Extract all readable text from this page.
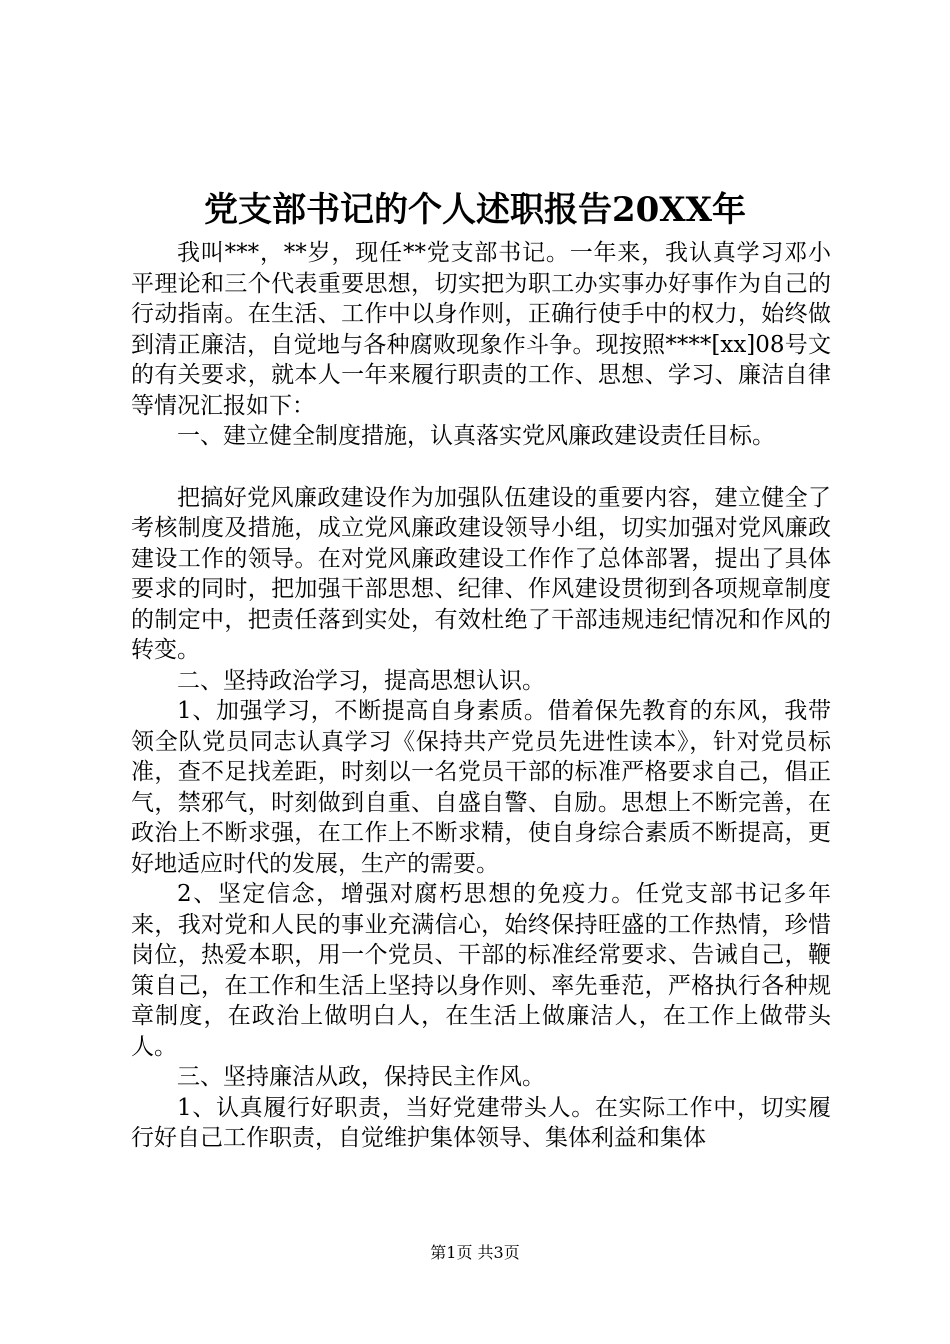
党支部书记的个人述职报告20XX年

我叫***，**岁，现任**党支部书记。一年来，我认真学习邓小平理论和三个代表重要思想，切实把为职工办实事办好事作为自己的行动指南。在生活、工作中以身作则，正确行使手中的权力，始终做到清正廉洁，自觉地与各种腐败现象作斗争。现按照****[xx]08号文的有关要求，就本人一年来履行职责的工作、思想、学习、廉洁自律等情况汇报如下：

一、建立健全制度措施，认真落实党风廉政建设责任目标。

把搞好党风廉政建设作为加强队伍建设的重要内容，建立健全了考核制度及措施，成立党风廉政建设领导小组，切实加强对党风廉政建设工作的领导。在对党风廉政建设工作作了总体部署，提出了具体要求的同时，把加强干部思想、纪律、作风建设贯彻到各项规章制度的制定中，把责任落到实处，有效杜绝了干部违规违纪情况和作风的转变。

二、坚持政治学习，提高思想认识。

1、加强学习，不断提高自身素质。借着保先教育的东风，我带领全队党员同志认真学习《保持共产党员先进性读本》，针对党员标准，查不足找差距，时刻以一名党员干部的标准严格要求自己，倡正气，禁邪气，时刻做到自重、自盛自警、自励。思想上不断完善，在政治上不断求强，在工作上不断求精，使自身综合素质不断提高，更好地适应时代的发展，生产的需要。

2、坚定信念，增强对腐朽思想的免疫力。任党支部书记多年来，我对党和人民的事业充满信心，始终保持旺盛的工作热情，珍惜岗位，热爱本职，用一个党员、干部的标准经常要求、告诫自己，鞭策自己，在工作和生活上坚持以身作则、率先垂范，严格执行各种规章制度，在政治上做明白人，在生活上做廉洁人，在工作上做带头人。

三、坚持廉洁从政，保持民主作风。

1、认真履行好职责，当好党建带头人。在实际工作中，切实履行好自己工作职责，自觉维护集体领导、集体利益和集体

第1页 共3页
